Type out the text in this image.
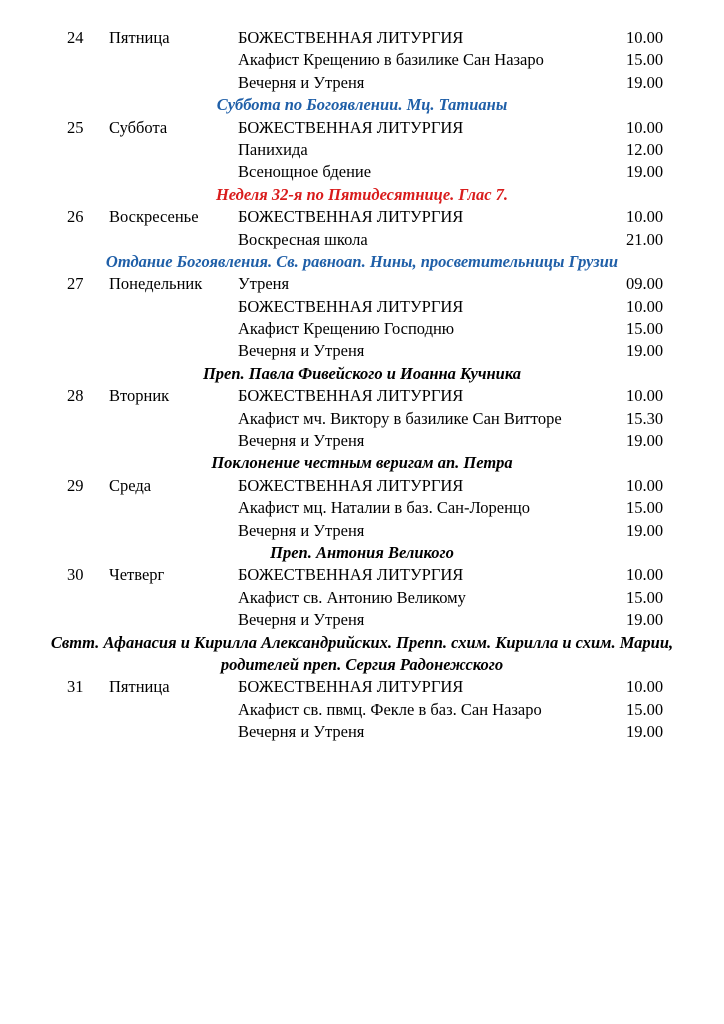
24 Пятница	БОЖЕСТВЕННАЯ ЛИТУРГИЯ	10.00
Акафист Крещению в базилике Сан Назаро	15.00
Вечерня и Утреня	19.00
Суббота по Богоявлении. Мц. Татианы
25 Суббота	БОЖЕСТВЕННАЯ ЛИТУРГИЯ	10.00
Панихида	12.00
Всенощное бдение	19.00
Неделя 32-я по Пятидесятнице. Глас 7.
26 Воскресенье БОЖЕСТВЕННАЯ ЛИТУРГИЯ	10.00
Воскресная школа	21.00
Отдание Богоявления. Св. равноап. Нины, просветительницы Грузии
27 Понедельник Утреня	09.00
БОЖЕСТВЕННАЯ ЛИТУРГИЯ	10.00
Акафист Крещению Господню	15.00
Вечерня и Утреня	19.00
Преп. Павла Фивейского и Иоанна Кучника
28 Вторник	БОЖЕСТВЕННАЯ ЛИТУРГИЯ	10.00
Акафист мч. Виктору в базилике Сан Витторе	15.30
Вечерня и Утреня	19.00
Поклонение честным веригам ап. Петра
29 Среда	БОЖЕСТВЕННАЯ ЛИТУРГИЯ	10.00
Акафист мц. Наталии в баз. Сан-Лоренцо	15.00
Вечерня и Утреня	19.00
Преп. Антония Великого
30 Четверг	БОЖЕСТВЕННАЯ ЛИТУРГИЯ	10.00
Акафист св. Антонию Великому	15.00
Вечерня и Утреня	19.00
Свтт. Афанасия и Кирилла Александрийских. Препп. схим. Кирилла и схим. Марии, родителей преп. Сергия Радонежского
31 Пятница	БОЖЕСТВЕННАЯ ЛИТУРГИЯ	10.00
Акафист св. пвмц. Фекле в баз. Сан Назаро	15.00
Вечерня и Утреня	19.00
